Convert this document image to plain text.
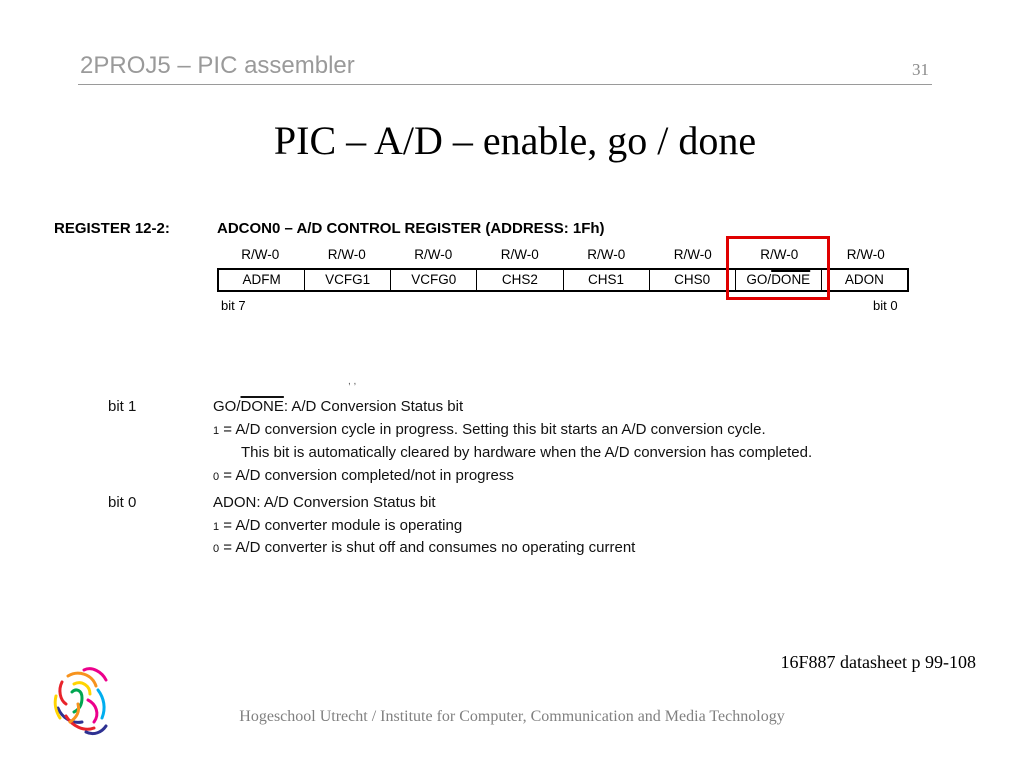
2PROJ5 – PIC assembler	31
PIC – A/D – enable, go / done
REGISTER 12-2:	ADCON0 – A/D CONTROL REGISTER (ADDRESS: 1Fh)
R/W-0	R/W-0	R/W-0	R/W-0	R/W-0	R/W-0	R/W-0	R/W-0
ADFM	VCFG1	VCFG0	CHS2	CHS1	CHS0	GO/DONE	ADON
bit 7	bit 0
bit 1	GO/DONE: A/D Conversion Status bit
1 = A/D conversion cycle in progress. Setting this bit starts an A/D conversion cycle.
This bit is automatically cleared by hardware when the A/D conversion has completed.
0 = A/D conversion completed/not in progress
bit 0	ADON: A/D Conversion Status bit
1 = A/D converter module is operating
0 = A/D converter is shut off and consumes no operating current
16F887 datasheet p 99-108
Hogeschool Utrecht / Institute for Computer, Communication and Media Technology
, ,
